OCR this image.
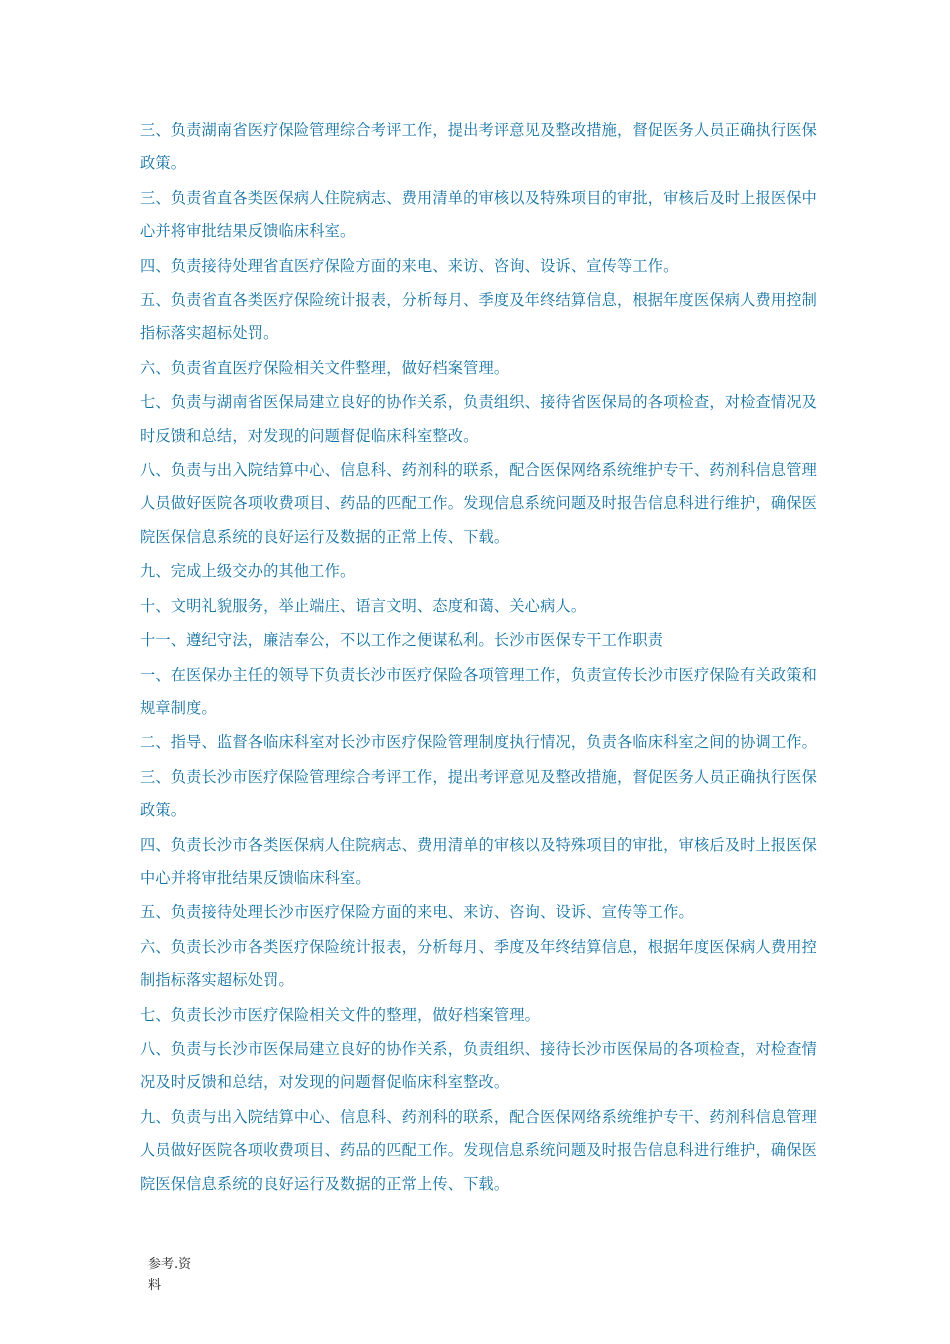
三、负责湖南省医疗保险管理综合考评工作，提出考评意见及整改措施，督促医务人员正确执行医保政策。

三、负责省直各类医保病人住院病志、费用清单的审核以及特殊项目的审批，审核后及时上报医保中心并将审批结果反馈临床科室。

四、负责接待处理省直医疗保险方面的来电、来访、咨询、设诉、宣传等工作。

五、负责省直各类医疗保险统计报表，分析每月、季度及年终结算信息，根据年度医保病人费用控制指标落实超标处罚。

六、负责省直医疗保险相关文件整理，做好档案管理。

七、负责与湖南省医保局建立良好的协作关系，负责组织、接待省医保局的各项检查，对检查情况及时反馈和总结，对发现的问题督促临床科室整改。

八、负责与出入院结算中心、信息科、药剂科的联系，配合医保网络系统维护专干、药剂科信息管理人员做好医院各项收费项目、药品的匹配工作。发现信息系统问题及时报告信息科进行维护，确保医院医保信息系统的良好运行及数据的正常上传、下载。

九、完成上级交办的其他工作。

十、文明礼貌服务，举止端庄、语言文明、态度和蔼、关心病人。

十一、遵纪守法，廉洁奉公，不以工作之便谋私利。长沙市医保专干工作职责

一、在医保办主任的领导下负责长沙市医疗保险各项管理工作，负责宣传长沙市医疗保险有关政策和规章制度。

二、指导、监督各临床科室对长沙市医疗保险管理制度执行情况，负责各临床科室之间的协调工作。

三、负责长沙市医疗保险管理综合考评工作，提出考评意见及整改措施，督促医务人员正确执行医保政策。

四、负责长沙市各类医保病人住院病志、费用清单的审核以及特殊项目的审批，审核后及时上报医保中心并将审批结果反馈临床科室。

五、负责接待处理长沙市医疗保险方面的来电、来访、咨询、设诉、宣传等工作。

六、负责长沙市各类医疗保险统计报表，分析每月、季度及年终结算信息，根据年度医保病人费用控制指标落实超标处罚。

七、负责长沙市医疗保险相关文件的整理，做好档案管理。

八、负责与长沙市医保局建立良好的协作关系，负责组织、接待长沙市医保局的各项检查，对检查情况及时反馈和总结，对发现的问题督促临床科室整改。

九、负责与出入院结算中心、信息科、药剂科的联系，配合医保网络系统维护专干、药剂科信息管理人员做好医院各项收费项目、药品的匹配工作。发现信息系统问题及时报告信息科进行维护，确保医院医保信息系统的良好运行及数据的正常上传、下载。

参考.资
料
